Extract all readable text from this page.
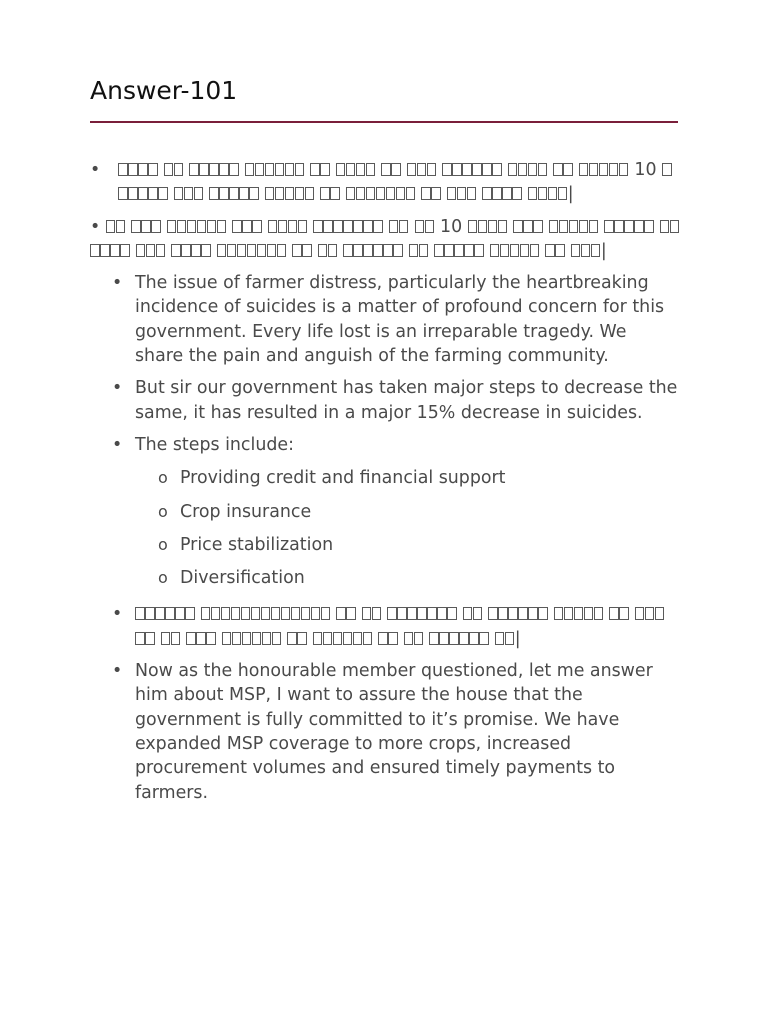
Answer-101
•	10          |
•	10                 |
• The issue of farmer distress, particularly the heartbreaking incidence of suicides is a matter of profound concern for this government. Every life lost is an irreparable tragedy. We share the pain and anguish of the farming community.
• But sir our government has taken major steps to decrease the same, it has resulted in a major 15% decrease in suicides.
• The steps include:
o Providing credit and financial support
o Crop insurance
o Price stabilization
o Diversification
•
|
• Now as the honourable member questioned, let me answer him about MSP, I want to assure the house that the government is fully committed to it’s promise. We have expanded MSP coverage to more crops, increased procurement volumes and ensured timely payments to farmers.
